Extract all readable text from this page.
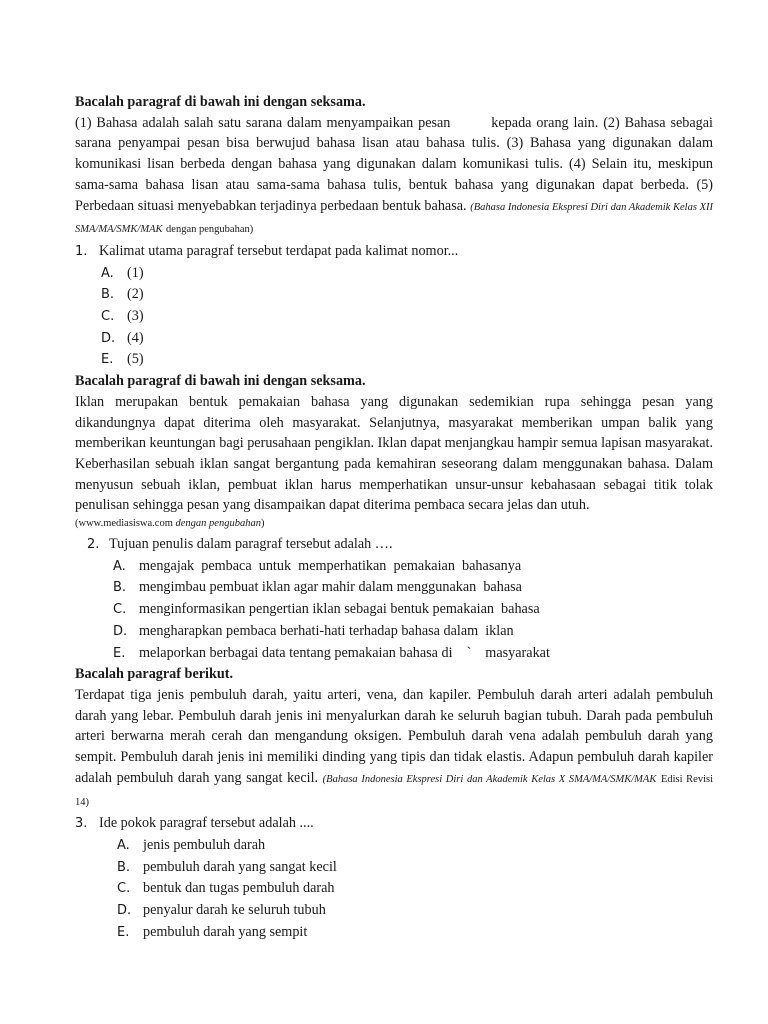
Bacalah paragraf di bawah ini dengan seksama.

(1) Bahasa adalah salah satu sarana dalam menyampaikan pesan	kepada orang lain. (2) Bahasa sebagai sarana penyampai pesan bisa berwujud bahasa lisan atau bahasa tulis. (3) Bahasa yang digunakan dalam komunikasi lisan berbeda dengan bahasa yang digunakan dalam komunikasi tulis. (4) Selain itu, meskipun sama-sama bahasa lisan atau sama-sama bahasa tulis, bentuk bahasa yang digunakan dapat berbeda. (5) Perbedaan situasi menyebabkan terjadinya perbedaan bentuk bahasa. (Bahasa Indonesia Ekspresi Diri dan Akademik Kelas XII SMA/MA/SMK/MAK dengan pengubahan)

1. Kalimat utama paragraf tersebut terdapat pada kalimat nomor...
A. (1)
B. (2)
C. (3)
D. (4)
E. (5)

Bacalah paragraf di bawah ini dengan seksama.

Iklan merupakan bentuk pemakaian bahasa yang digunakan sedemikian rupa sehingga pesan yang dikandungnya dapat diterima oleh masyarakat. Selanjutnya, masyarakat memberikan umpan balik yang memberikan keuntungan bagi perusahaan pengiklan. Iklan dapat menjangkau hampir semua lapisan masyarakat. Keberhasilan sebuah iklan sangat bergantung pada kemahiran seseorang dalam menggunakan bahasa. Dalam menyusun sebuah iklan, pembuat iklan harus memperhatikan unsur-unsur kebahasaan sebagai titik tolak penulisan sehingga pesan yang disampaikan dapat diterima pembaca secara jelas dan utuh.

(www.mediasiswa.com dengan pengubahan)

2. Tujuan penulis dalam paragraf tersebut adalah ….
A. mengajak  pembaca  untuk  memperhatikan  pemakaian  bahasanya
B. mengimbau pembuat iklan agar mahir dalam menggunakan  bahasa
C. menginformasikan pengertian iklan sebagai bentuk pemakaian  bahasa
D. mengharapkan pembaca berhati-hati terhadap bahasa dalam  iklan
E. melaporkan berbagai data tentang pemakaian bahasa di ` masyarakat

Bacalah paragraf berikut.

Terdapat tiga jenis pembuluh darah, yaitu arteri, vena, dan kapiler. Pembuluh darah arteri adalah pembuluh darah yang lebar. Pembuluh darah jenis ini menyalurkan darah ke seluruh bagian tubuh. Darah pada pembuluh arteri berwarna merah cerah dan mengandung oksigen. Pembuluh darah vena adalah pembuluh darah yang sempit. Pembuluh darah jenis ini memiliki dinding yang tipis dan tidak elastis. Adapun pembuluh darah kapiler adalah pembuluh darah yang sangat kecil. (Bahasa Indonesia Ekspresi Diri dan Akademik Kelas X SMA/MA/SMK/MAK Edisi Revisi 14)

3. Ide pokok paragraf tersebut adalah ....
A. jenis pembuluh darah
B. pembuluh darah yang sangat kecil
C. bentuk dan tugas pembuluh darah
D. penyalur darah ke seluruh tubuh
E. pembuluh darah yang sempit
